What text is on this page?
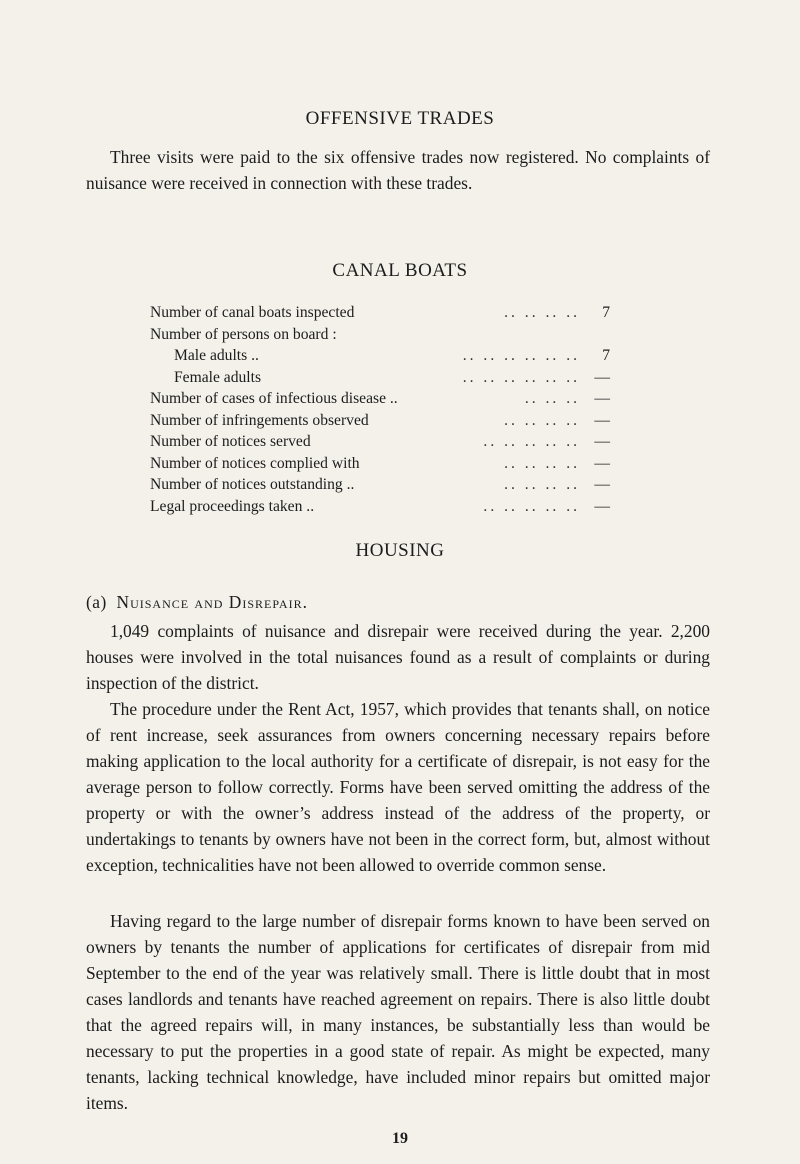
OFFENSIVE TRADES
Three visits were paid to the six offensive trades now registered. No complaints of nuisance were received in connection with these trades.
CANAL BOATS
Number of canal boats inspected	.. .. .. ..	7
Number of persons on board :
Male adults ..	.. .. .. .. .. ..	7
Female adults	.. .. .. .. .. .. —
Number of cases of infectious disease ..	.. .. .. —
Number of infringements observed	.. .. .. .. —
Number of notices served	.. .. .. .. .. —
Number of notices complied with	.. .. .. .. —
Number of notices outstanding ..	.. .. .. .. —
Legal proceedings taken ..	.. .. .. .. .. —
HOUSING
(a) Nuisance and Disrepair.
1,049 complaints of nuisance and disrepair were received during the year. 2,200 houses were involved in the total nuisances found as a result of complaints or during inspection of the district.
The procedure under the Rent Act, 1957, which provides that tenants shall, on notice of rent increase, seek assurances from owners concerning necessary repairs before making application to the local authority for a certificate of disrepair, is not easy for the average person to follow correctly. Forms have been served omitting the address of the property or with the owner’s address instead of the address of the property, or undertakings to tenants by owners have not been in the correct form, but, almost without exception, technicalities have not been allowed to override common sense.
Having regard to the large number of disrepair forms known to have been served on owners by tenants the number of applications for certificates of disrepair from mid September to the end of the year was relatively small. There is little doubt that in most cases landlords and tenants have reached agreement on repairs. There is also little doubt that the agreed repairs will, in many instances, be substantially less than would be necessary to put the properties in a good state of repair. As might be expected, many tenants, lacking technical knowledge, have included minor repairs but omitted major items.
19
